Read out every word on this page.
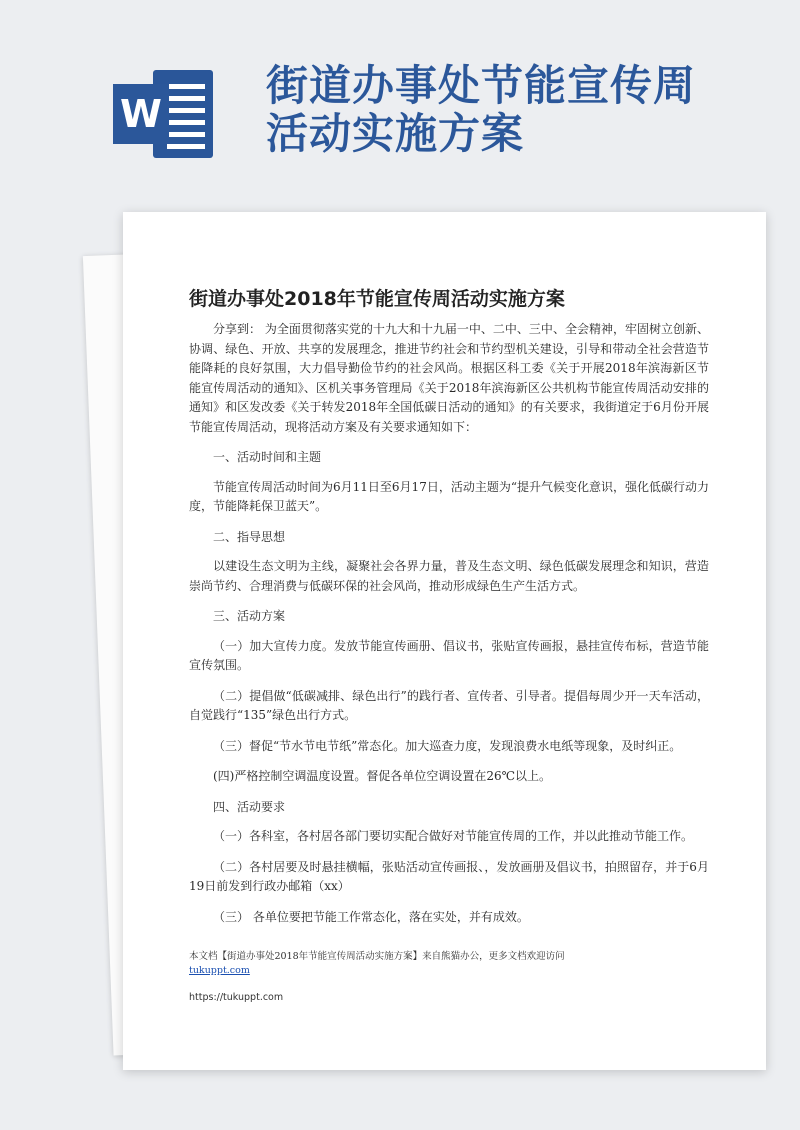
W
街道办事处节能宣传周
活动实施方案
街道办事处2018年节能宣传周活动实施方案

分享到： 为全面贯彻落实党的十九大和十九届一中、二中、三中、全会精神，牢固树立创新、协调、绿色、开放、共享的发展理念，推进节约社会和节约型机关建设，引导和带动全社会营造节能降耗的良好氛围，大力倡导勤俭节约的社会风尚。根据区科工委《关于开展2018年滨海新区节能宣传周活动的通知》、区机关事务管理局《关于2018年滨海新区公共机构节能宣传周活动安排的通知》和区发改委《关于转发2018年全国低碳日活动的通知》的有关要求，我街道定于6月份开展节能宣传周活动，现将活动方案及有关要求通知如下：

一、活动时间和主题

节能宣传周活动时间为6月11日至6月17日，活动主题为“提升气候变化意识，强化低碳行动力度，节能降耗保卫蓝天”。

二、指导思想

以建设生态文明为主线，凝聚社会各界力量，普及生态文明、绿色低碳发展理念和知识，营造崇尚节约、合理消费与低碳环保的社会风尚，推动形成绿色生产生活方式。

三、活动方案

（一）加大宣传力度。发放节能宣传画册、倡议书，张贴宣传画报，悬挂宣传布标，营造节能宣传氛围。

（二）提倡做“低碳减排、绿色出行”的践行者、宣传者、引导者。提倡每周少开一天车活动，自觉践行“135”绿色出行方式。

（三）督促“节水节电节纸”常态化。加大巡查力度，发现浪费水电纸等现象，及时纠正。

(四)严格控制空调温度设置。督促各单位空调设置在26℃以上。

四、活动要求

（一）各科室，各村居各部门要切实配合做好对节能宣传周的工作，并以此推动节能工作。

（二）各村居要及时悬挂横幅，张贴活动宣传画报、，发放画册及倡议书，拍照留存，并于6月19日前发到行政办邮箱（xx）

（三） 各单位要把节能工作常态化，落在实处，并有成效。

本文档【街道办事处2018年节能宣传周活动实施方案】来自熊猫办公，更多文档欢迎访问
tukuppt.com
https://tukuppt.com
